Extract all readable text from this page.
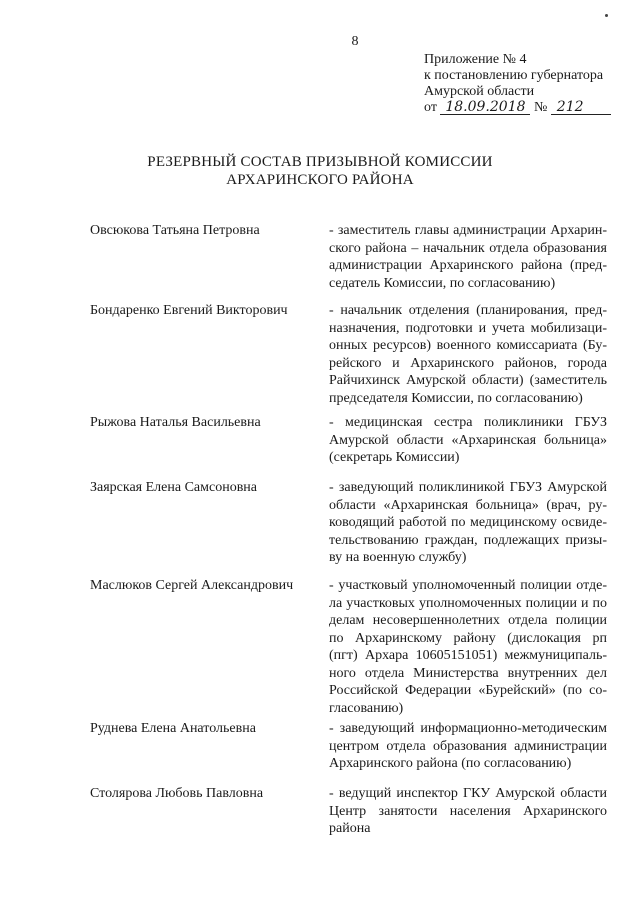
8
Приложение № 4
к постановлению губернатора
Амурской области
от 18.09.2018 № 212
РЕЗЕРВНЫЙ СОСТАВ ПРИЗЫВНОЙ КОМИССИИ
АРХАРИНСКОГО РАЙОНА
Овсюкова Татьяна Петровна	- заместитель главы администрации Архарин-
ского района – начальник отдела образования
администрации Архаринского района (пред-
седатель Комиссии, по согласованию)
Бондаренко Евгений Викторович	- начальник отделения (планирования, пред-
назначения, подготовки и учета мобилизаци-
онных ресурсов) военного комиссариата (Бу-
рейского и Архаринского районов, города
Райчихинск Амурской области) (заместитель
председателя Комиссии, по согласованию)
Рыжова Наталья Васильевна	- медицинская сестра поликлиники ГБУЗ
Амурской области «Архаринская больница»
(секретарь Комиссии)
Заярская Елена Самсоновна	- заведующий поликлиникой ГБУЗ Амурской
области «Архаринская больница» (врач, ру-
ководящий работой по медицинскому освиде-
тельствованию граждан, подлежащих призы-
ву на военную службу)
Маслюков Сергей Александрович	- участковый уполномоченный полиции отде-
ла участковых уполномоченных полиции и по
делам несовершеннолетних отдела полиции
по Архаринскому району (дислокация рп
(пгт) Архара 10605151051) межмуниципаль-
ного отдела Министерства внутренних дел
Российской Федерации «Бурейский» (по со-
гласованию)
Руднева Елена Анатольевна	- заведующий информационно-методическим
центром отдела образования администрации
Архаринского района (по согласованию)
Столярова Любовь Павловна	- ведущий инспектор ГКУ Амурской области
Центр занятости населения Архаринского
района
